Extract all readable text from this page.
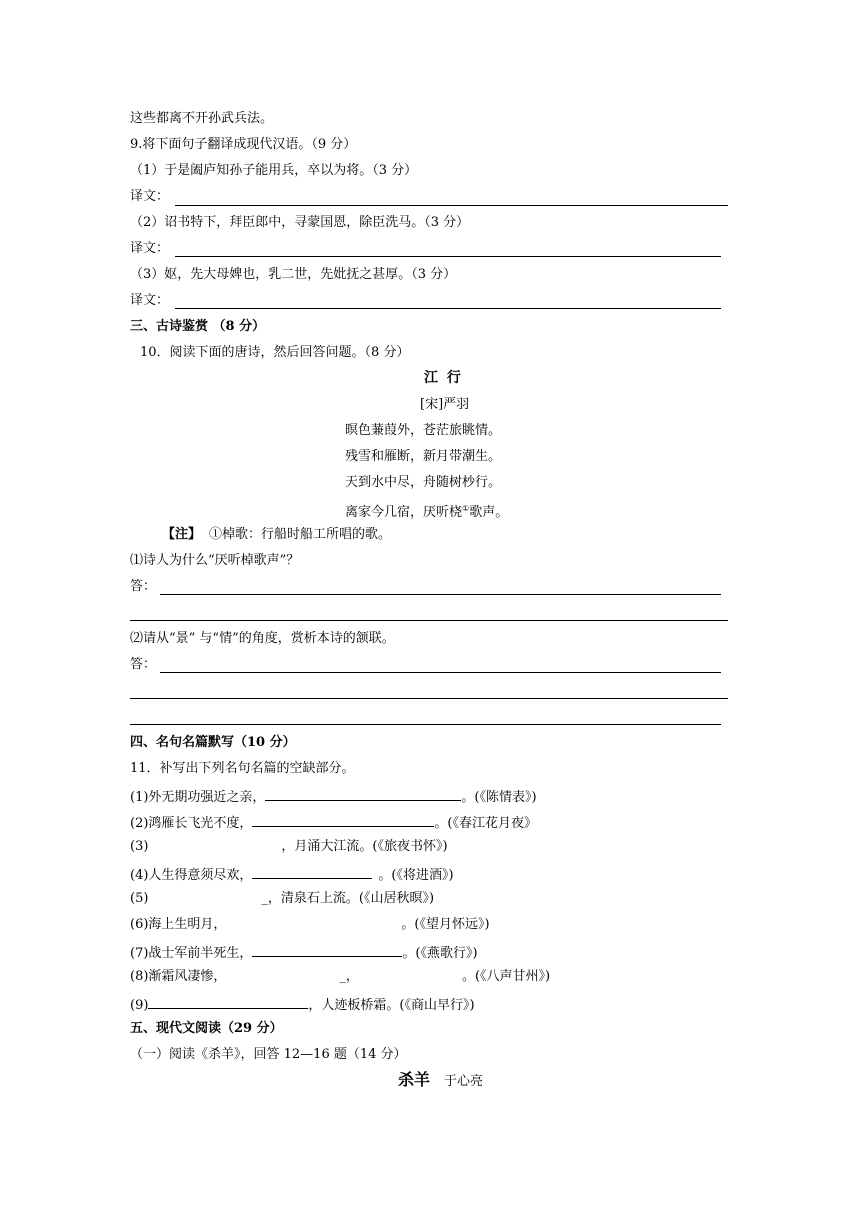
这些都离不开孙武兵法。
9.将下面句子翻译成现代汉语。（9 分）
（1）于是阖庐知孙子能用兵，卒以为将。（3 分）
译文：
（2）诏书特下，拜臣郎中，寻蒙国恩，除臣洗马。（3 分）
译文：
（3）妪，先大母婢也，乳二世，先妣抚之甚厚。（3 分）
译文：
三、古诗鉴赏 （8 分）
10．阅读下面的唐诗，然后回答问题。（8 分）
江 行
[宋]严羽
暝色蒹葭外，苍茫旅眺情。
残雪和雁断，新月带潮生。
天到水中尽，舟随树杪行。
离家今几宿，厌听桡①歌声。
【注】 ①棹歌：行船时船工所唱的歌。
⑴诗人为什么“厌听棹歌声”？
答：
⑵请从“景” 与“情”的角度，赏析本诗的颔联。
答：
四、名句名篇默写（10 分）
11．补写出下列名句名篇的空缺部分。
(1)外无期功强近之亲，	。(《陈情表》)
(2)鸿雁长飞光不度，	。(《春江花月夜》
(3)	，月涌大江流。(《旅夜书怀》)
(4)人生得意须尽欢，	。(《将进酒》)
(5)	_，清泉石上流。(《山居秋暝》)
(6)海上生明月，	。(《望月怀远》)
(7)战士军前半死生，	。(《燕歌行》)
(8)渐霜风凄惨，	_，	。(《八声甘州》)
(9)	，人迹板桥霜。(《商山早行》)
五、现代文阅读（29 分）
（一）阅读《杀羊》，回答 12—16 题（14 分）
杀羊 于心亮
